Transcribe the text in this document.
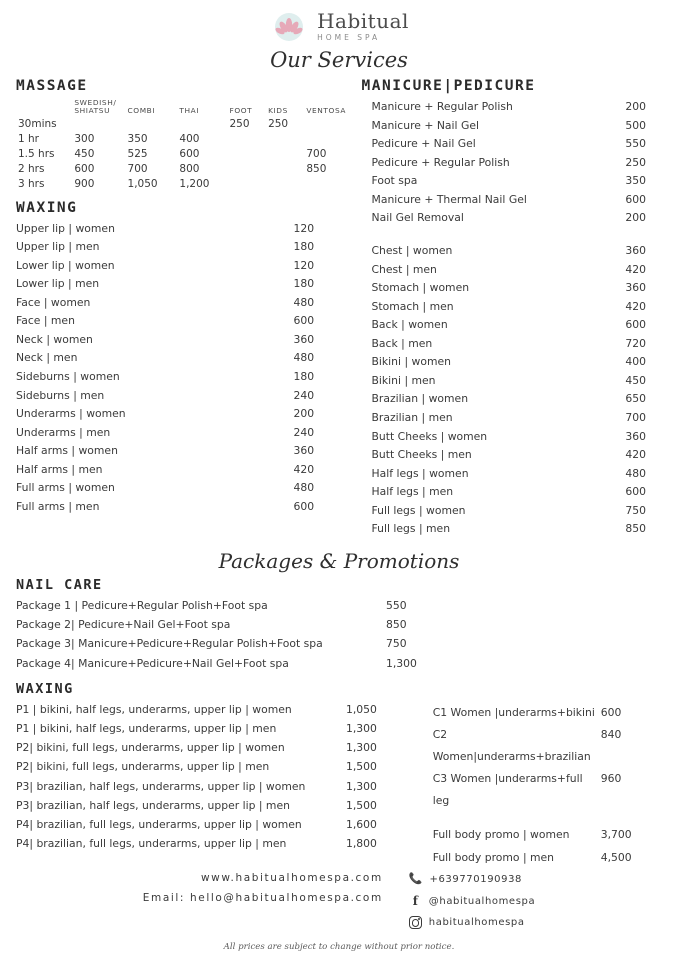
Habitual
HOME SPA
Our Services
MASSAGE
	SWEDISH/
SHIATSU	COMBI	THAI	FOOT	KIDS	VENTOSA
30mins				250	250	
1 hr	300	350	400			
1.5 hrs	450	525	600			700
2 hrs	600	700	800			850
3 hrs	900	1,050	1,200			
WAXING
Upper lip | women	120
Upper lip | men	180
Lower lip | women	120
Lower lip | men	180
Face | women	480
Face | men	600
Neck | women	360
Neck | men	480
Sideburns | women	180
Sideburns | men	240
Underarms | women	200
Underarms | men	240
Half arms | women	360
Half arms | men	420
Full arms | women	480
Full arms | men	600
MANICURE|PEDICURE
Manicure + Regular Polish	200
Manicure + Nail Gel	500
Pedicure + Nail Gel	550
Pedicure + Regular Polish	250
Foot spa	350
Manicure + Thermal Nail Gel	600
Nail Gel Removal	200
Chest | women	360
Chest | men	420
Stomach | women	360
Stomach | men	420
Back | women	600
Back | men	720
Bikini | women	400
Bikini | men	450
Brazilian | women	650
Brazilian | men	700
Butt Cheeks | women	360
Butt Cheeks | men	420
Half legs | women	480
Half legs | men	600
Full legs | women	750
Full legs | men	850
Packages & Promotions
NAIL CARE
Package 1 | Pedicure+Regular Polish+Foot spa	550
Package 2| Pedicure+Nail Gel+Foot spa	850
Package 3| Manicure+Pedicure+Regular Polish+Foot spa	750
Package 4| Manicure+Pedicure+Nail Gel+Foot spa	1,300
WAXING
P1 | bikini, half legs, underarms, upper lip | women	1,050
P1 | bikini, half legs, underarms, upper lip | men	1,300
P2| bikini, full legs, underarms, upper lip | women	1,300
P2| bikini, full legs, underarms, upper lip | men	1,500
P3| brazilian, half legs, underarms, upper lip | women	1,300
P3| brazilian, half legs, underarms, upper lip | men	1,500
P4| brazilian, full legs, underarms, upper lip | women	1,600
P4| brazilian, full legs, underarms, upper lip | men	1,800
C1 Women |underarms+bikini 600
C2 Women|underarms+brazilian
840
C3 Women |underarms+full leg
960
Full body promo | women	3,700
Full body promo | men	4,500
www.habitualhomespa.com
Email: hello@habitualhomespa.com
📞 +639770190938
f	@habitualhomespa
habitualhomespa
All prices are subject to change without prior notice.
